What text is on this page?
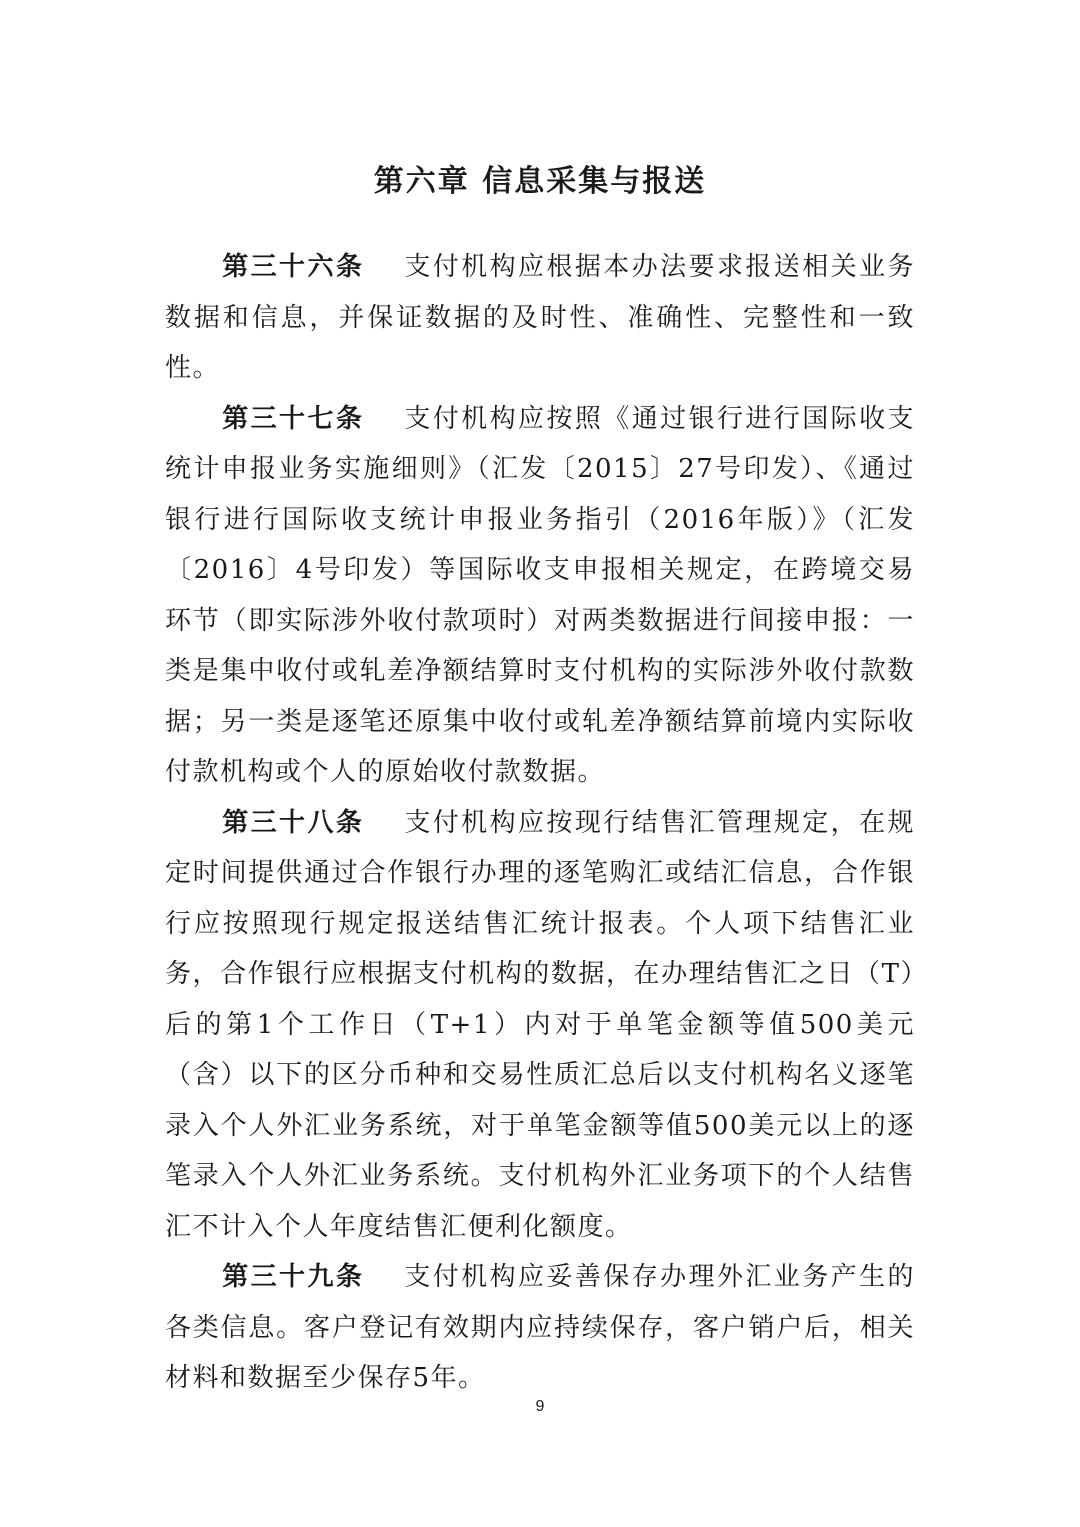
第六章 信息采集与报送

第三十六条 支付机构应根据本办法要求报送相关业务数据和信息，并保证数据的及时性、准确性、完整性和一致性。

第三十七条 支付机构应按照《通过银行进行国际收支统计申报业务实施细则》（汇发〔2015〕27号印发）、《通过银行进行国际收支统计申报业务指引（2016年版）》（汇发〔2016〕4号印发）等国际收支申报相关规定，在跨境交易环节（即实际涉外收付款项时）对两类数据进行间接申报：一类是集中收付或轧差净额结算时支付机构的实际涉外收付款数据；另一类是逐笔还原集中收付或轧差净额结算前境内实际收付款机构或个人的原始收付款数据。

第三十八条 支付机构应按现行结售汇管理规定，在规定时间提供通过合作银行办理的逐笔购汇或结汇信息，合作银行应按照现行规定报送结售汇统计报表。个人项下结售汇业务，合作银行应根据支付机构的数据，在办理结售汇之日（T）后的第1个工作日（T+1）内对于单笔金额等值500美元（含）以下的区分币种和交易性质汇总后以支付机构名义逐笔录入个人外汇业务系统，对于单笔金额等值500美元以上的逐笔录入个人外汇业务系统。支付机构外汇业务项下的个人结售汇不计入个人年度结售汇便利化额度。

第三十九条 支付机构应妥善保存办理外汇业务产生的各类信息。客户登记有效期内应持续保存，客户销户后，相关材料和数据至少保存5年。

9
